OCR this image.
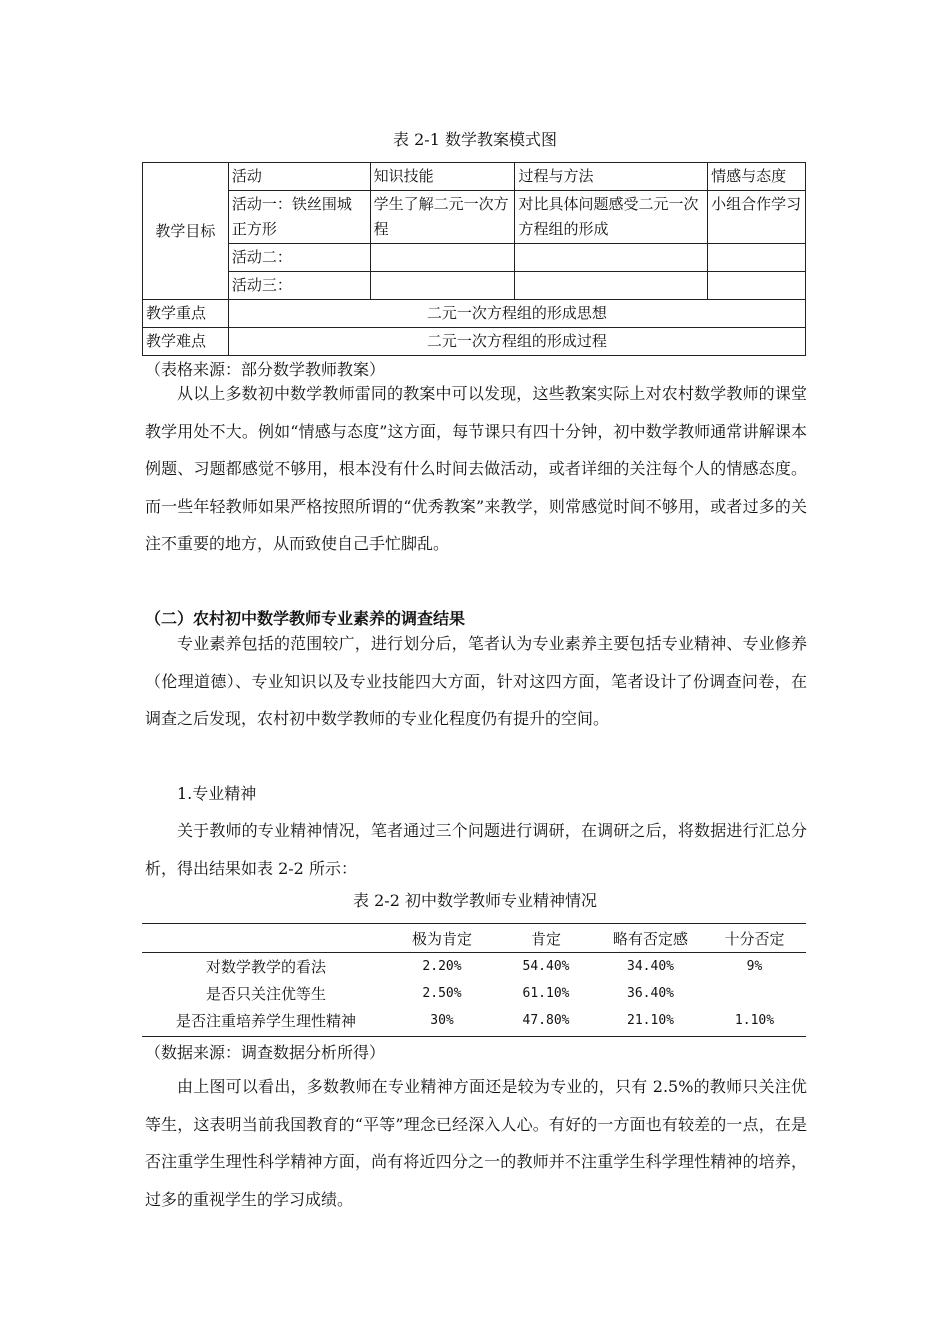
表 2-1 数学教案模式图
教学目标	活动	知识技能	过程与方法	情感与态度
	活动一：铁丝围城正方形	学生了解二元一次方程	对比具体问题感受二元一次方程组的形成	小组合作学习
	活动二：			
	活动三：			
教学重点	二元一次方程组的形成思想			
教学难点	二元一次方程组的形成过程			
（表格来源：部分数学教师教案）

从以上多数初中数学教师雷同的教案中可以发现，这些教案实际上对农村数学教师的课堂教学用处不大。例如“情感与态度”这方面，每节课只有四十分钟，初中数学教师通常讲解课本例题、习题都感觉不够用，根本没有什么时间去做活动，或者详细的关注每个人的情感态度。而一些年轻教师如果严格按照所谓的“优秀教案”来教学，则常感觉时间不够用，或者过多的关注不重要的地方，从而致使自己手忙脚乱。

（二）农村初中数学教师专业素养的调查结果

专业素养包括的范围较广，进行划分后，笔者认为专业素养主要包括专业精神、专业修养（伦理道德）、专业知识以及专业技能四大方面，针对这四方面，笔者设计了份调查问卷，在调查之后发现，农村初中数学教师的专业化程度仍有提升的空间。

1.专业精神

关于教师的专业精神情况，笔者通过三个问题进行调研，在调研之后，将数据进行汇总分析，得出结果如表 2-2 所示：

表 2-2 初中数学教师专业精神情况
	极为肯定	肯定	略有否定感	十分否定
对数学教学的看法	2.20%	54.40%	34.40%	9%
是否只关注优等生	2.50%	61.10%	36.40%	
是否注重培养学生理性精神	30%	47.80%	21.10%	1.10%
（数据来源：调查数据分析所得）

由上图可以看出，多数教师在专业精神方面还是较为专业的，只有 2.5%的教师只关注优等生，这表明当前我国教育的“平等”理念已经深入人心。有好的一方面也有较差的一点，在是否注重学生理性科学精神方面，尚有将近四分之一的教师并不注重学生科学理性精神的培养，过多的重视学生的学习成绩。
